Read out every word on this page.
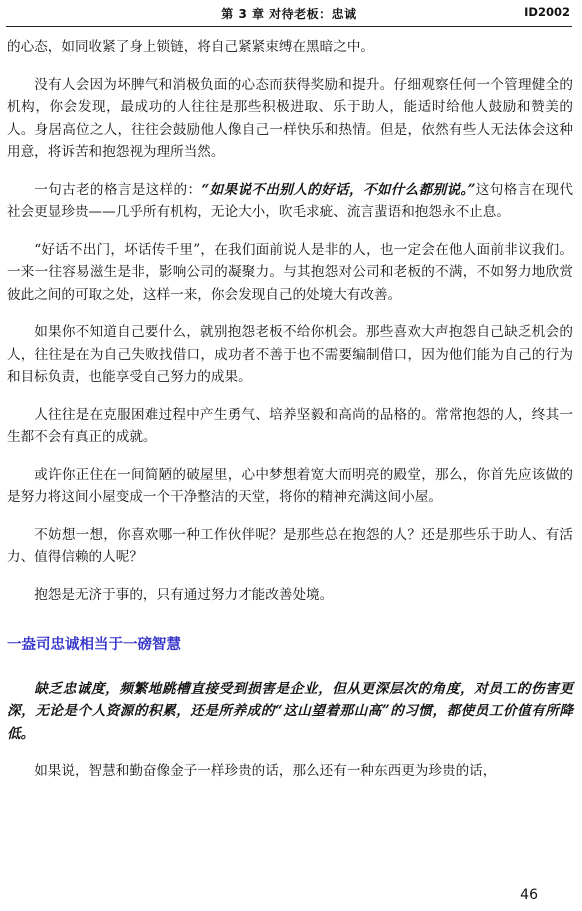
第 3 章 对待老板：忠诚	ID2002

的心态，如同收紧了身上锁链，将自己紧紧束缚在黑暗之中。

没有人会因为坏脾气和消极负面的心态而获得奖励和提升。仔细观察任何一个管理健全的机构，你会发现，最成功的人往往是那些积极进取、乐于助人，能适时给他人鼓励和赞美的人。身居高位之人，往往会鼓励他人像自己一样快乐和热情。但是，依然有些人无法体会这种用意，将诉苦和抱怨视为理所当然。

一句古老的格言是这样的：“如果说不出别人的好话，不如什么都别说。”这句格言在现代社会更显珍贵——几乎所有机构，无论大小，吹毛求疵、流言蜚语和抱怨永不止息。

“好话不出门，坏话传千里”，在我们面前说人是非的人，也一定会在他人面前非议我们。一来一往容易滋生是非，影响公司的凝聚力。与其抱怨对公司和老板的不满，不如努力地欣赏彼此之间的可取之处，这样一来，你会发现自己的处境大有改善。

如果你不知道自己要什么，就别抱怨老板不给你机会。那些喜欢大声抱怨自己缺乏机会的人，往往是在为自己失败找借口，成功者不善于也不需要编制借口，因为他们能为自己的行为和目标负责，也能享受自己努力的成果。

人往往是在克服困难过程中产生勇气、培养坚毅和高尚的品格的。常常抱怨的人，终其一生都不会有真正的成就。

或许你正住在一间简陋的破屋里，心中梦想着宽大而明亮的殿堂，那么，你首先应该做的是努力将这间小屋变成一个干净整洁的天堂，将你的精神充满这间小屋。

不妨想一想，你喜欢哪一种工作伙伴呢？是那些总在抱怨的人？还是那些乐于助人、有活力、值得信赖的人呢？

抱怨是无济于事的，只有通过努力才能改善处境。

一盎司忠诚相当于一磅智慧

缺乏忠诚度，频繁地跳槽直接受到损害是企业，但从更深层次的角度，对员工的伤害更深，无论是个人资源的积累，还是所养成的“这山望着那山高”的习惯，都使员工价值有所降低。

如果说，智慧和勤奋像金子一样珍贵的话，那么还有一种东西更为珍贵的话，

46
